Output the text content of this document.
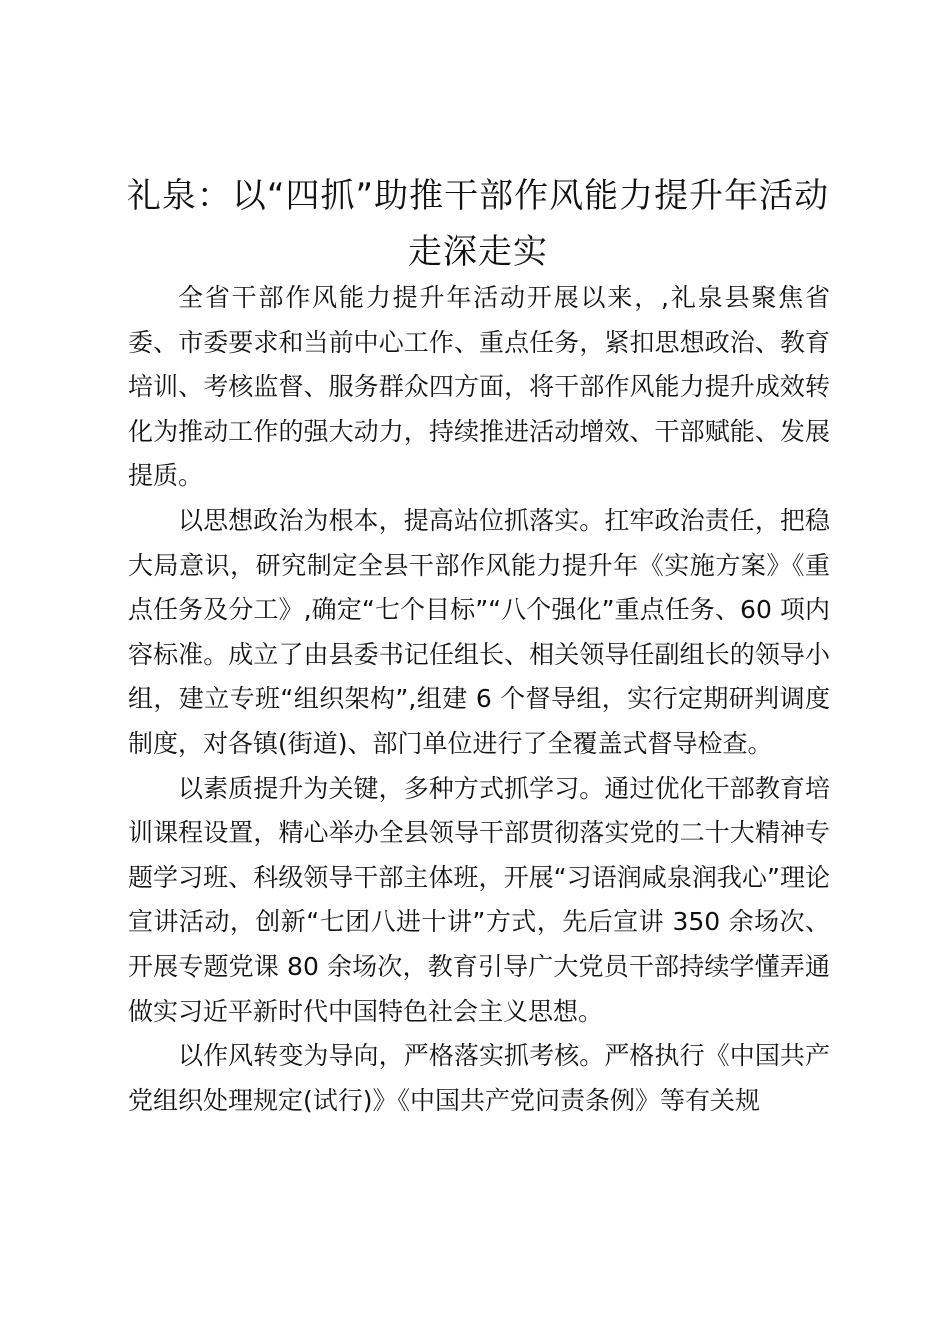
礼泉：以“四抓”助推干部作风能力提升年活动走深走实

全省干部作风能力提升年活动开展以来，,礼泉县聚焦省委、市委要求和当前中心工作、重点任务，紧扣思想政治、教育培训、考核监督、服务群众四方面，将干部作风能力提升成效转化为推动工作的强大动力，持续推进活动增效、干部赋能、发展提质。

以思想政治为根本，提高站位抓落实。扛牢政治责任，把稳大局意识，研究制定全县干部作风能力提升年《实施方案》《重点任务及分工》,确定“七个目标”“八个强化”重点任务、60 项内容标准。成立了由县委书记任组长、相关领导任副组长的领导小组，建立专班“组织架构”,组建 6 个督导组，实行定期研判调度制度，对各镇(街道)、部门单位进行了全覆盖式督导检查。

以素质提升为关键，多种方式抓学习。通过优化干部教育培训课程设置，精心举办全县领导干部贯彻落实党的二十大精神专题学习班、科级领导干部主体班，开展“习语润咸泉润我心”理论宣讲活动，创新“七团八进十讲”方式，先后宣讲 350 余场次、开展专题党课 80 余场次，教育引导广大党员干部持续学懂弄通做实习近平新时代中国特色社会主义思想。

以作风转变为导向，严格落实抓考核。严格执行《中国共产党组织处理规定(试行)》《中国共产党问责条例》等有关规
